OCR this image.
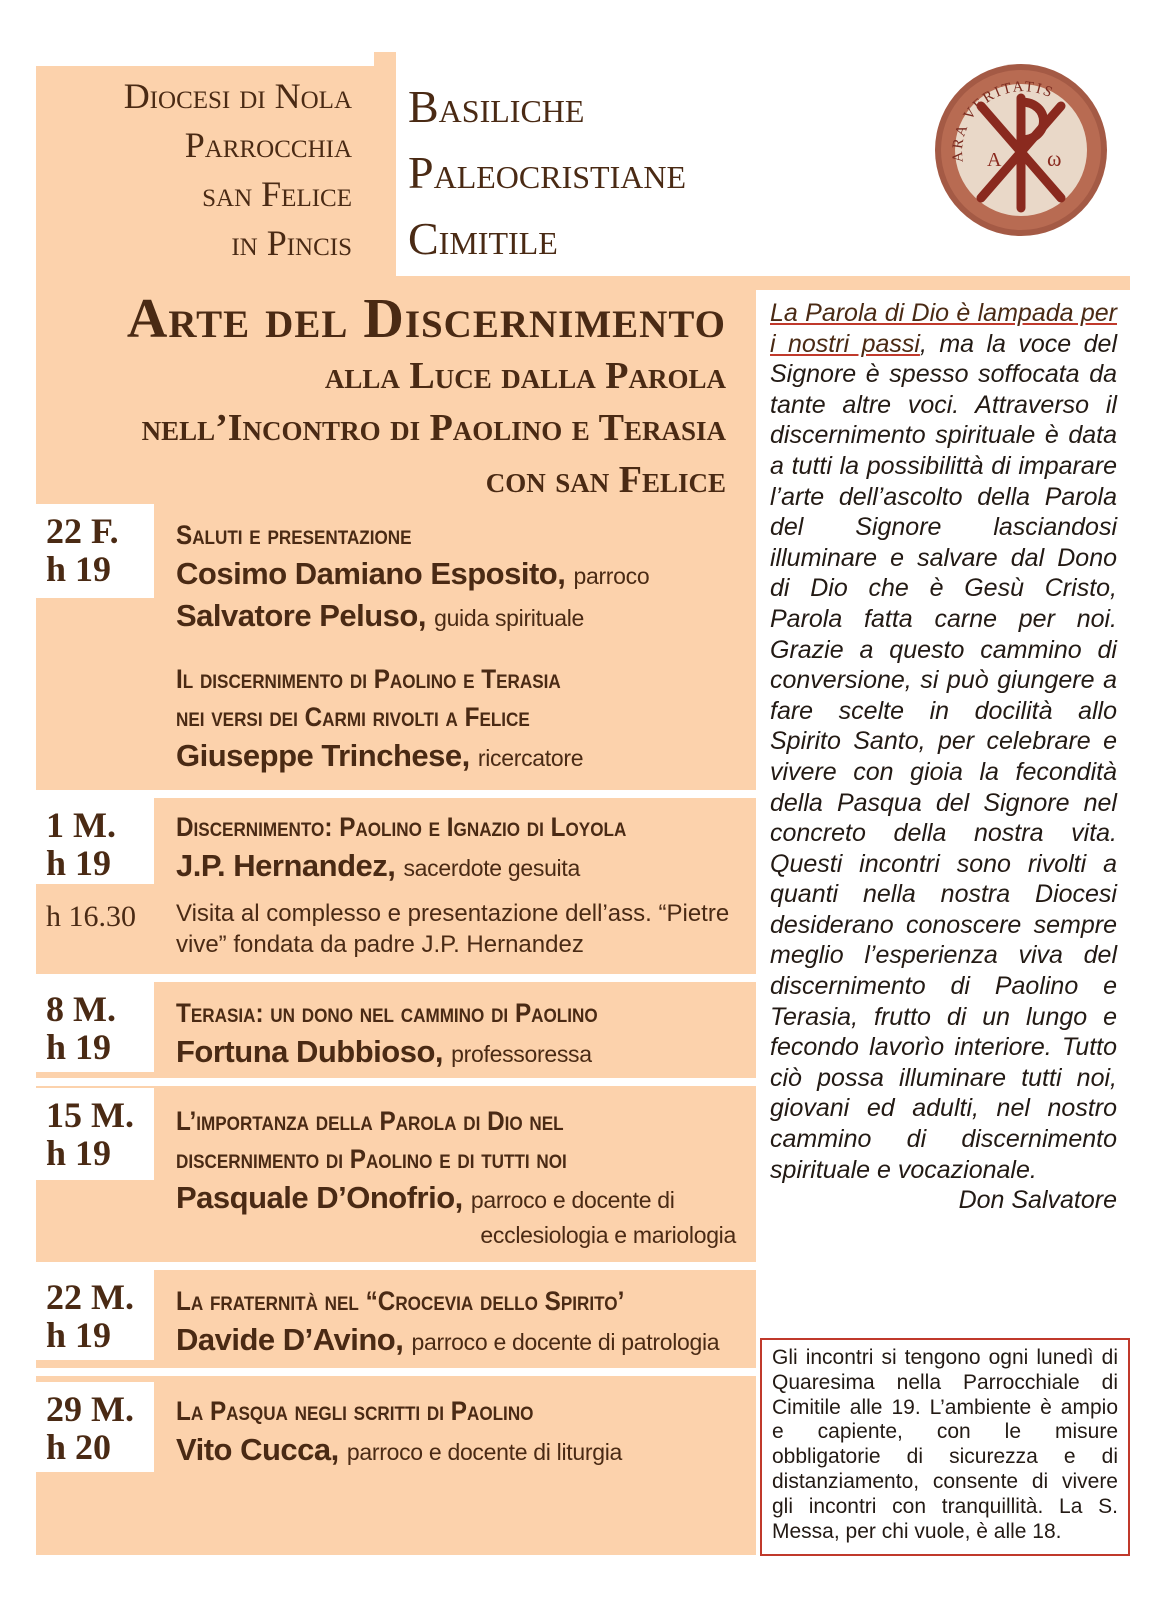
Diocesi di Nola
Parrocchia
san Felice
in Pincis
Basiliche
Paleocristiane
Cimitile
ARA VERITATIS
A ω
Arte del Discernimento
alla Luce dalla Parola
nell’Incontro di Paolino e Terasia
con san Felice
22 F.
h 19
Saluti e presentazione
Cosimo Damiano Esposito, parroco
Salvatore Peluso, guida spirituale
Il discernimento di Paolino e Terasia
nei versi dei Carmi rivolti a Felice
Giuseppe Trinchese, ricercatore
1 M.
h 19
Discernimento: Paolino e Ignazio di Loyola
J.P. Hernandez, sacerdote gesuita
h 16.30 Visita al complesso e presentazione dell’ass. “Pietre
vive” fondata da padre J.P. Hernandez
8 M.
h 19
Terasia: un dono nel cammino di Paolino
Fortuna Dubbioso, professoressa
15 M.
h 19
L’importanza della Parola di Dio nel
discernimento di Paolino e di tutti noi
Pasquale D’Onofrio, parroco e docente di
ecclesiologia e mariologia
22 M.
h 19
La fraternità nel “Crocevia dello Spirito’
Davide D’Avino, parroco e docente di patrologia
29 M.
h 20
La Pasqua negli scritti di Paolino
Vito Cucca, parroco e docente di liturgia
La Parola di Dio è lampada per i nostri passi, ma la voce del Signore è spesso soffocata da tante altre voci. Attraverso il discernimento spirituale è data a tutti la possibilittà di imparare l’arte dell’ascolto della Parola del Signore lasciandosi illuminare e salvare dal Dono di Dio che è Gesù Cristo, Parola fatta carne per noi. Grazie a questo cammino di conversione, si può giungere a fare scelte in docilità allo Spirito Santo, per celebrare e vivere con gioia la fecondità della Pasqua del Signore nel concreto della nostra vita. Questi incontri sono rivolti a quanti nella nostra Diocesi desiderano conoscere sempre meglio l’esperienza viva del discernimento di Paolino e Terasia, frutto di un lungo e fecondo lavorìo interiore. Tutto ciò possa illuminare tutti noi, giovani ed adulti, nel nostro cammino di discernimento spirituale e vocazionale.
Don Salvatore
Gli incontri si tengono ogni lunedì di Quaresima nella Parrocchiale di Cimitile alle 19. L’ambiente è ampio e capiente, con le misure obbligatorie di sicurezza e di distanziamento, consente di vivere gli incontri con tranquillità. La S. Messa, per chi vuole, è alle 18.
